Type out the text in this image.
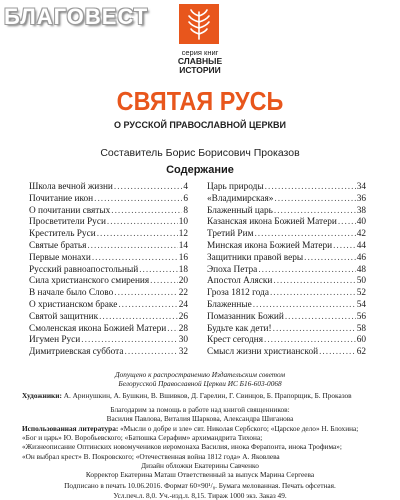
БЛАГОВЕСТ
серия книг
СЛАВНЫЕ
ИСТОРИИ
СВЯТАЯ РУСЬ
О РУССКОЙ ПРАВОСЛАВНОЙ ЦЕРКВИ
Составитель Борис Борисович Проказов
Содержание
Школа вечной жизни .....	4
Почитание икон .....	6
О почитании святых .....	8
Просветители Руси .....	10
Креститель Руси .....	12
Святые братья .....	14
Первые монахи .....	16
Русский равноапостольный .....	18
Сила христианского смирения .....	20
В начале было Слово .....	22
О христианском браке .....	24
Святой защитник .....	26
Смоленская икона Божией Матери ..... 28
Игумен Руси .....	30
Димитриевская суббота .....	32
Царь природы .....	34
«Владимирская» .....	36
Блаженный царь .....	38
Казанская икона Божией Матери ..... 40
Третий Рим .....	42
Минская икона Божией Матери .....	44
Защитники правой веры .....	46
Эпоха Петра .....	48
Апостол Аляски .....	50
Гроза 1812 года .....	52
Блаженные .....	54
Помазанник Божий .....	56
Будьте как дети! .....	58
Крест сегодня .....	60
Смысл жизни христианской .....	62
Допущено к распространению Издательским советом
Белорусской Православной Церкви ИС Б16-603-0068
Художники: А. Аринушкин, А. Бушкин, В. Вшивков, Д. Гарелин, Г. Свинцов, Б. Прапорщик, Б. Проказов
Благодарим за помощь в работе над книгой священников:
Василия Павлова, Виталия Шаркова, Александра Шиганова
Использованная литература: «Мысли о добре и зле» свт. Николая Сербского; «Царское дело» Н. Блохина;
«Бог и царь» Ю. Воробьевского; «Батюшка Серафим» архимандрита Тихона;
«Жизнеописание Оптинских новомучеников иеромонаха Василия, инока Ферапонта, инока Трофима»;
«Он выбрал крест» В. Покровского; «Отечественная война 1812 года» А. Яковлева
Дизайн обложки Екатерины Савченко
Корректор Екатерина Маташ Ответственный за выпуск Марина Сергеева
Подписано в печать 10.06.2016. Формат 60×90¹/₈. Бумага мелованная. Печать офсетная.
Усл.печ.л. 8,0. Уч.-изд.л. 8,15. Тираж 1000 экз. Заказ 49.
